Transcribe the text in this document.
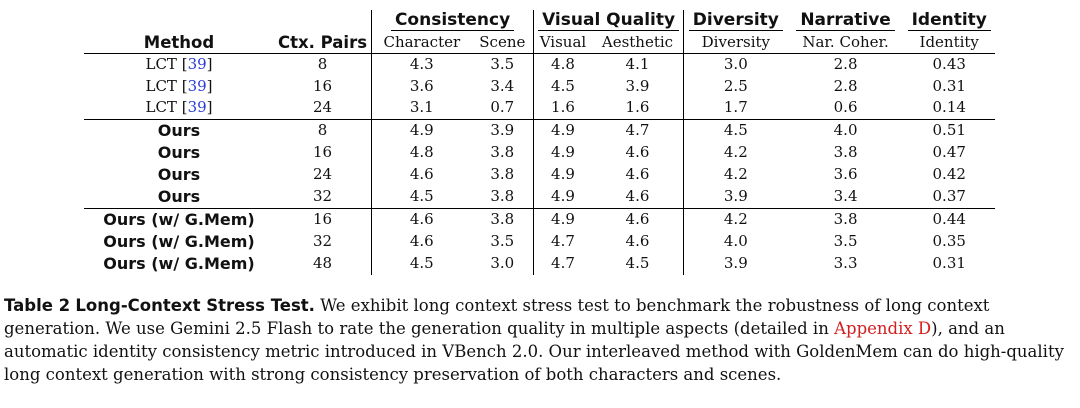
		Consistency		Visual Quality		Diversity	Narrative	Identity
Method	Ctx. Pairs	Character	Scene	Visual	Aesthetic	Diversity	Nar. Coher.	Identity
LCT [39]	8	4.3	3.5	4.8	4.1	3.0	2.8	0.43
LCT [39]	16	3.6	3.4	4.5	3.9	2.5	2.8	0.31
LCT [39]	24	3.1	0.7	1.6	1.6	1.7	0.6	0.14
Ours	8	4.9	3.9	4.9	4.7	4.5	4.0	0.51
Ours	16	4.8	3.8	4.9	4.6	4.2	3.8	0.47
Ours	24	4.6	3.8	4.9	4.6	4.2	3.6	0.42
Ours	32	4.5	3.8	4.9	4.6	3.9	3.4	0.37
Ours (w/ G.Mem)	16	4.6	3.8	4.9	4.6	4.2	3.8	0.44
Ours (w/ G.Mem)	32	4.6	3.5	4.7	4.6	4.0	3.5	0.35
Ours (w/ G.Mem)	48	4.5	3.0	4.7	4.5	3.9	3.3	0.31
Table 2 Long-Context Stress Test. We exhibit long context stress test to benchmark the robustness of long context generation. We use Gemini 2.5 Flash to rate the generation quality in multiple aspects (detailed in Appendix D), and an automatic identity consistency metric introduced in VBench 2.0. Our interleaved method with GoldenMem can do high-quality long context generation with strong consistency preservation of both characters and scenes.
